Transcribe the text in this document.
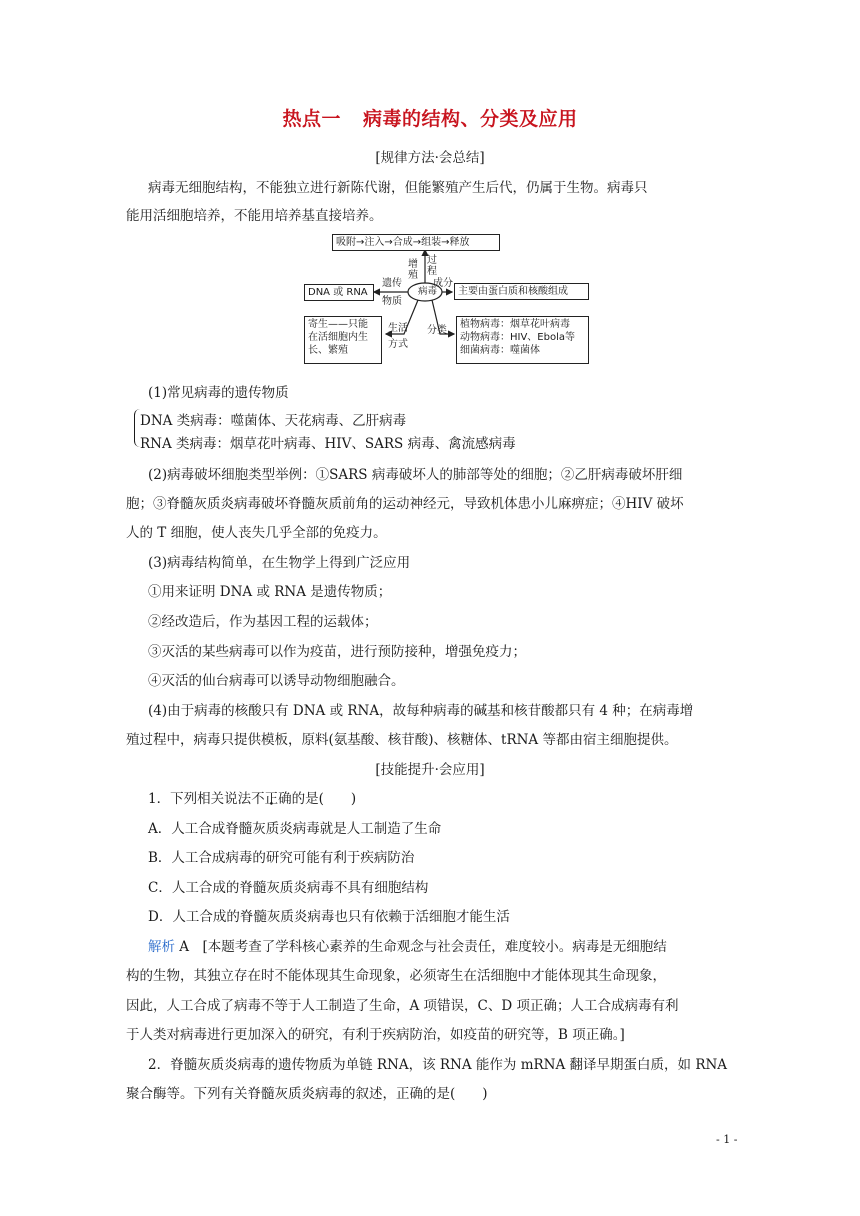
热点一 病毒的结构、分类及应用
[规律方法·会总结]
病毒无细胞结构，不能独立进行新陈代谢，但能繁殖产生后代，仍属于生物。病毒只
能用活细胞培养，不能用培养基直接培养。
吸附→注入→合成→组装→释放
增殖
过程
病毒
DNA 或 RNA
遗传
物质
成分
主要由蛋白质和核酸组成
寄生——只能
在活细胞内生
长、繁殖
生活
方式
分类
植物病毒：烟草花叶病毒
动物病毒：HIV、Ebola等
细菌病毒：噬菌体
(1)常见病毒的遗传物质
DNA 类病毒：噬菌体、天花病毒、乙肝病毒
RNA 类病毒：烟草花叶病毒、HIV、SARS 病毒、禽流感病毒
(2)病毒破坏细胞类型举例：①SARS 病毒破坏人的肺部等处的细胞；②乙肝病毒破坏肝细
胞；③脊髓灰质炎病毒破坏脊髓灰质前角的运动神经元，导致机体患小儿麻痹症；④HIV 破坏
人的 T 细胞，使人丧失几乎全部的免疫力。
(3)病毒结构简单，在生物学上得到广泛应用
①用来证明 DNA 或 RNA 是遗传物质；
②经改造后，作为基因工程的运载体；
③灭活的某些病毒可以作为疫苗，进行预防接种，增强免疫力；
④灭活的仙台病毒可以诱导动物细胞融合。
(4)由于病毒的核酸只有 DNA 或 RNA，故每种病毒的碱基和核苷酸都只有 4 种；在病毒增
殖过程中，病毒只提供模板，原料(氨基酸、核苷酸)、核糖体、tRNA 等都由宿主细胞提供。
[技能提升·会应用]
1．下列相关说法不正确的是(　　)
A．人工合成脊髓灰质炎病毒就是人工制造了生命
B．人工合成病毒的研究可能有利于疾病防治
C．人工合成的脊髓灰质炎病毒不具有细胞结构
D．人工合成的脊髓灰质炎病毒也只有依赖于活细胞才能生活
解析 A　[本题考查了学科核心素养的生命观念与社会责任，难度较小。病毒是无细胞结
构的生物，其独立存在时不能体现其生命现象，必须寄生在活细胞中才能体现其生命现象，
因此，人工合成了病毒不等于人工制造了生命，A 项错误，C、D 项正确；人工合成病毒有利
于人类对病毒进行更加深入的研究，有利于疾病防治，如疫苗的研究等，B 项正确。]
2．脊髓灰质炎病毒的遗传物质为单链 RNA，该 RNA 能作为 mRNA 翻译早期蛋白质，如 RNA
聚合酶等。下列有关脊髓灰质炎病毒的叙述，正确的是(　　)
- 1 -
